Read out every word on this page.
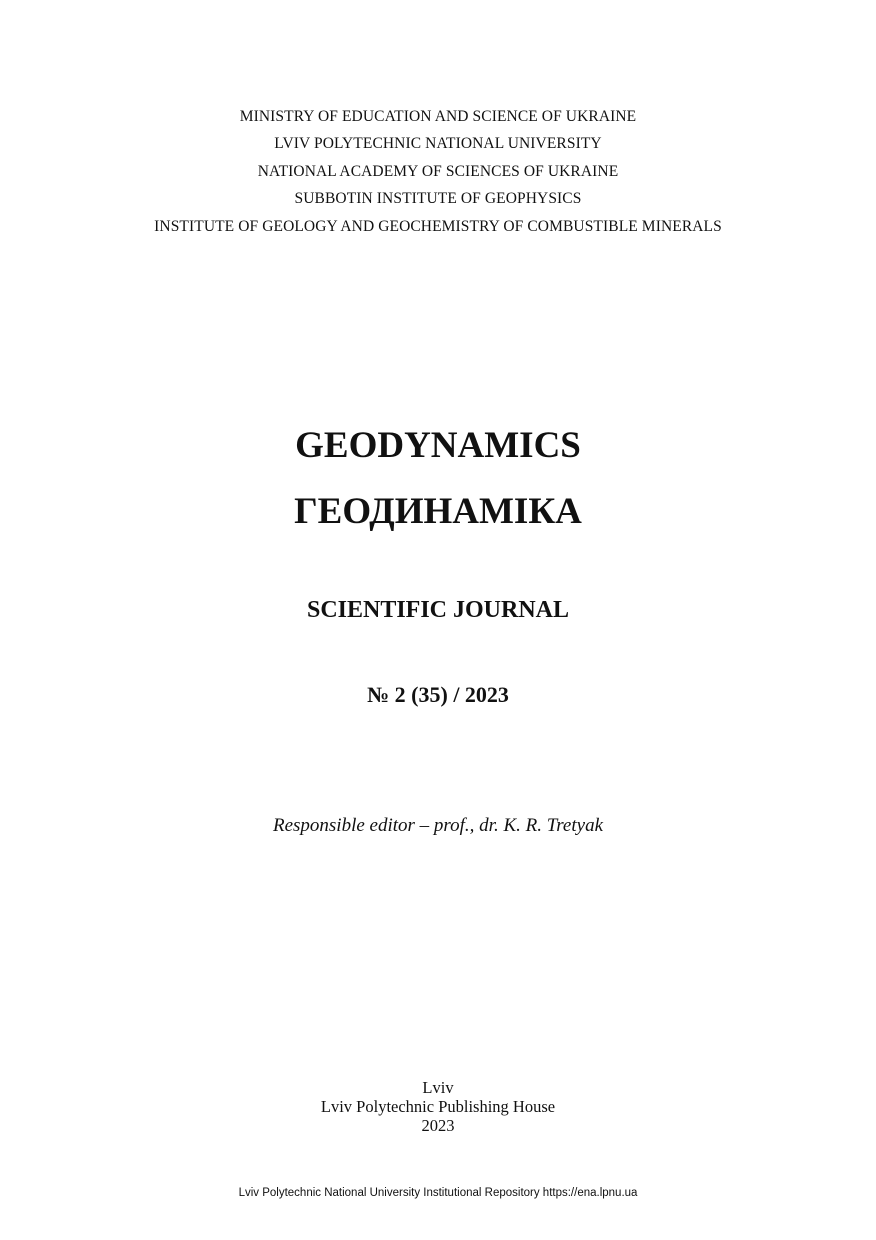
MINISTRY OF EDUCATION AND SCIENCE OF UKRAINE
LVIV POLYTECHNIC NATIONAL UNIVERSITY
NATIONAL ACADEMY OF SCIENCES OF UKRAINE
SUBBOTIN INSTITUTE OF GEOPHYSICS
INSTITUTE OF GEOLOGY AND GEOCHEMISTRY OF COMBUSTIBLE MINERALS
GEODYNAMICS
ГЕОДИНАМІКА
SCIENTIFIC JOURNAL
№ 2 (35) / 2023
Responsible editor – prof., dr. K. R. Tretyak
Lviv
Lviv Polytechnic Publishing House
2023
Lviv Polytechnic National University Institutional Repository https://ena.lpnu.ua
